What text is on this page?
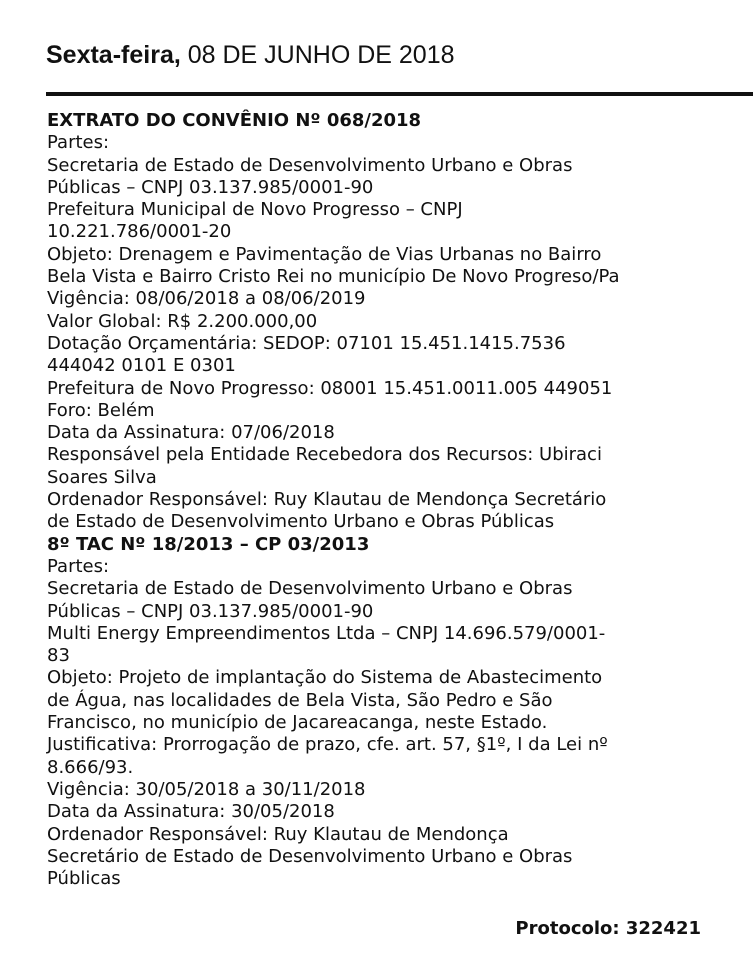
Sexta-feira, 08 DE JUNHO DE 2018
EXTRATO DO CONVÊNIO Nº 068/2018
Partes:
Secretaria de Estado de Desenvolvimento Urbano e Obras
Públicas – CNPJ 03.137.985/0001-90
Prefeitura Municipal de Novo Progresso – CNPJ
10.221.786/0001-20
Objeto: Drenagem e Pavimentação de Vias Urbanas no Bairro
Bela Vista e Bairro Cristo Rei no município De Novo Progreso/Pa
Vigência: 08/06/2018 a 08/06/2019
Valor Global: R$ 2.200.000,00
Dotação Orçamentária: SEDOP: 07101 15.451.1415.7536
444042 0101 E 0301
Prefeitura de Novo Progresso: 08001 15.451.0011.005 449051
Foro: Belém
Data da Assinatura: 07/06/2018
Responsável pela Entidade Recebedora dos Recursos: Ubiraci
Soares Silva
Ordenador Responsável: Ruy Klautau de Mendonça Secretário
de Estado de Desenvolvimento Urbano e Obras Públicas
8º TAC Nº 18/2013 – CP 03/2013
Partes:
Secretaria de Estado de Desenvolvimento Urbano e Obras
Públicas – CNPJ 03.137.985/0001-90
Multi Energy Empreendimentos Ltda – CNPJ 14.696.579/0001-
83
Objeto: Projeto de implantação do Sistema de Abastecimento
de Água, nas localidades de Bela Vista, São Pedro e São
Francisco, no município de Jacareacanga, neste Estado.
Justificativa: Prorrogação de prazo, cfe. art. 57, §1º, I da Lei nº
8.666/93.
Vigência: 30/05/2018 a 30/11/2018
Data da Assinatura: 30/05/2018
Ordenador Responsável: Ruy Klautau de Mendonça
Secretário de Estado de Desenvolvimento Urbano e Obras
Públicas
Protocolo: 322421
